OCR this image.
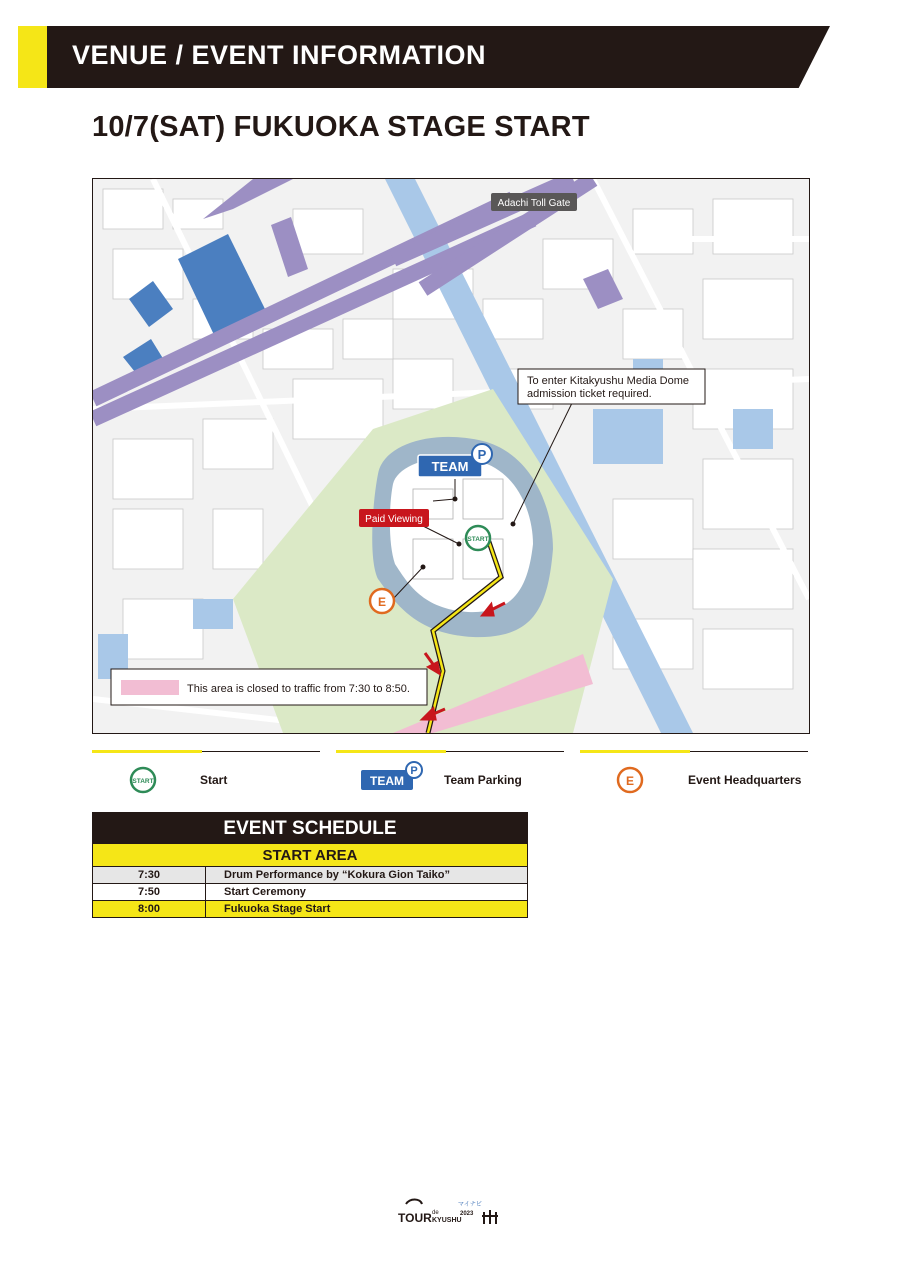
VENUE / EVENT INFORMATION
10/7(SAT) FUKUOKA STAGE START
Adachi Toll Gate
To enter Kitakyushu Media Dome
admission ticket required.
TEAM
P
Paid Viewing
START
E
This area is closed to traffic from 7:30 to 8:50.
START	Start	TEAM
P
Team Parking	E	Event Headquarters
EVENT SCHEDULE
START AREA
7:30	Drum Performance by “Kokura Gion Taiko”
7:50	Start Ceremony
8:00	Fukuoka Stage Start
TOUR de
KYUSHU
マイナビ
2023
